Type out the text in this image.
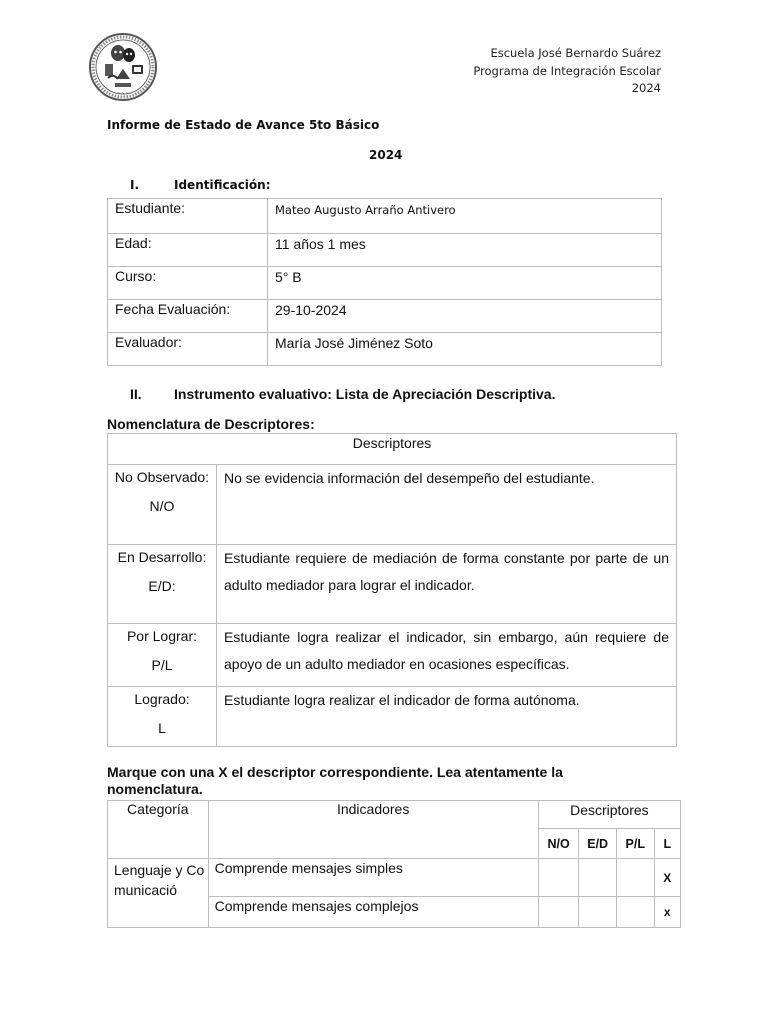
~~~
Escuela José Bernardo Suárez
Programa de Integración Escolar
2024
Informe de Estado de Avance 5to Básico
2024
I.	Identificación:
Estudiante:	Mateo Augusto Arraño Antivero
Edad:	11 años 1 mes
Curso:	5° B
Fecha Evaluación:	29-10-2024
Evaluador:	María José Jiménez Soto
II. Instrumento evaluativo: Lista de Apreciación Descriptiva.
Nomenclatura de Descriptores:
Descriptores	
No Observado:
N/O	No se evidencia información del desempeño del estudiante.
En Desarrollo:
E/D:	Estudiante requiere de mediación de forma constante por parte de un adulto mediador para lograr el indicador.
Por Lograr:
P/L	Estudiante logra realizar el indicador, sin embargo, aún requiere de apoyo de un adulto mediador en ocasiones específicas.
Logrado:
L	Estudiante logra realizar el indicador de forma autónoma.
Marque con una X el descriptor correspondiente. Lea atentamente la nomenclatura.
Categoría	Indicadores	Descriptores			
		N/O	E/D	P/L	L
Lenguaje y Comunicació	Comprende mensajes simples				X
	Comprende mensajes complejos				x
